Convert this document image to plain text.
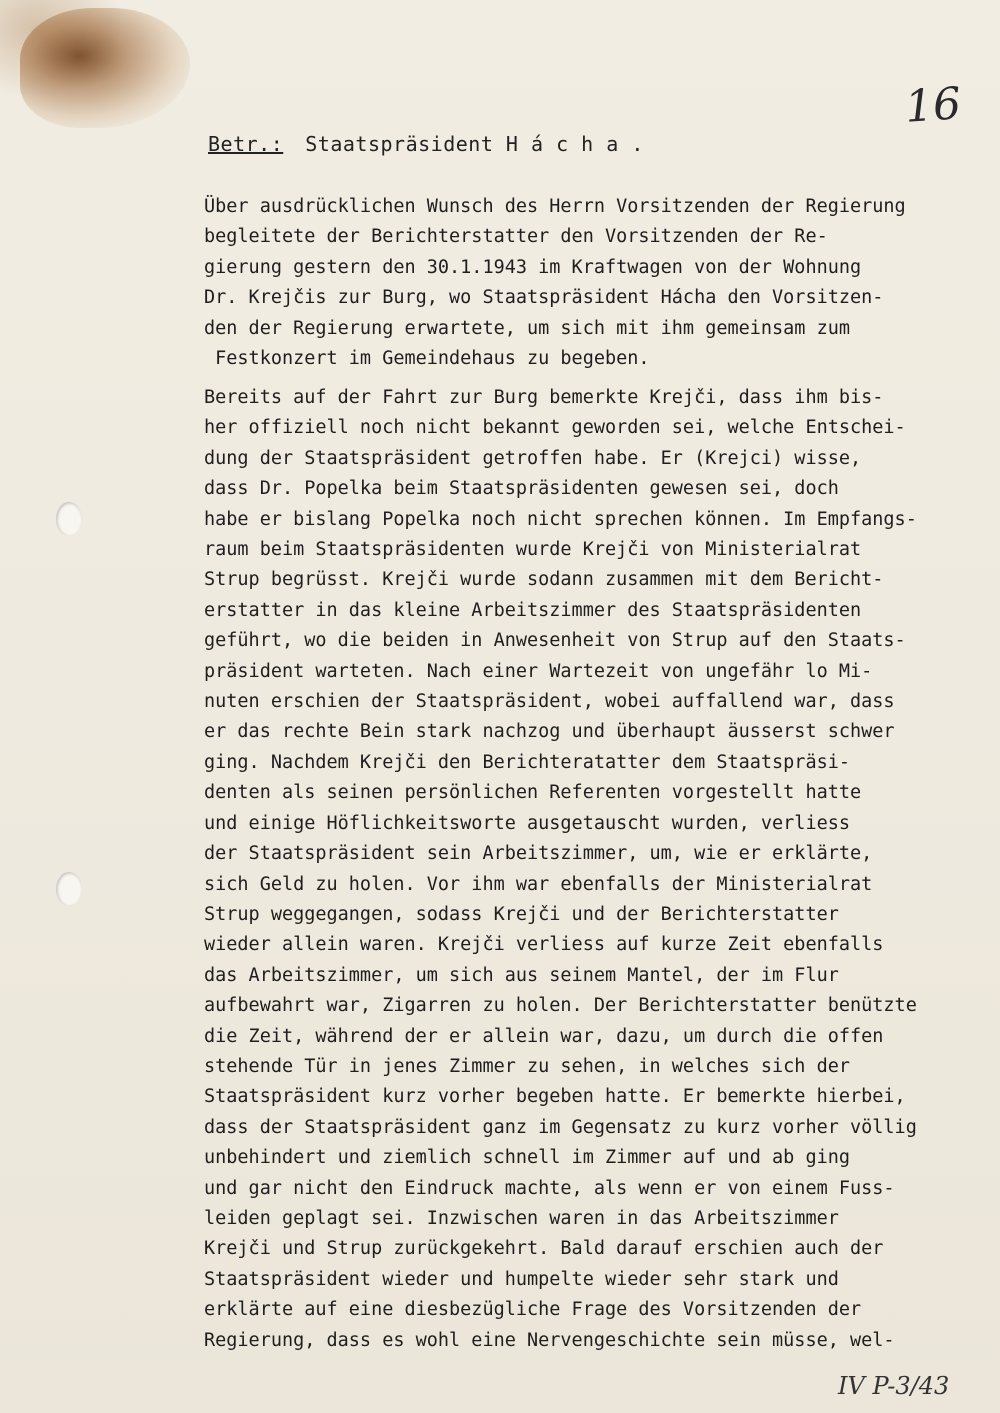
16
Betr.: Staatspräsident H á c h a .
Über ausdrücklichen Wunsch des Herrn Vorsitzenden der Regierung
begleitete der Berichterstatter den Vorsitzenden der Re-
gierung gestern den 30.1.1943 im Kraftwagen von der Wohnung
Dr. Krejčis zur Burg, wo Staatspräsident Hácha den Vorsitzen-
den der Regierung erwartete, um sich mit ihm gemeinsam zum
Festkonzert im Gemeindehaus zu begeben.
Bereits auf der Fahrt zur Burg bemerkte Krejči, dass ihm bis-
her offiziell noch nicht bekannt geworden sei, welche Entschei-
dung der Staatspräsident getroffen habe. Er (Krejci) wisse,
dass Dr. Popelka beim Staatspräsidenten gewesen sei, doch
habe er bislang Popelka noch nicht sprechen können. Im Empfangs-
raum beim Staatspräsidenten wurde Krejči von Ministerialrat
Strup begrüsst. Krejči wurde sodann zusammen mit dem Bericht-
erstatter in das kleine Arbeitszimmer des Staatspräsidenten
geführt, wo die beiden in Anwesenheit von Strup auf den Staats-
präsident warteten. Nach einer Wartezeit von ungefähr lo Mi-
nuten erschien der Staatspräsident, wobei auffallend war, dass
er das rechte Bein stark nachzog und überhaupt äusserst schwer
ging. Nachdem Krejči den Berichteratatter dem Staatspräsi-
denten als seinen persönlichen Referenten vorgestellt hatte
und einige Höflichkeitsworte ausgetauscht wurden, verliess
der Staatspräsident sein Arbeitszimmer, um, wie er erklärte,
sich Geld zu holen. Vor ihm war ebenfalls der Ministerialrat
Strup weggegangen, sodass Krejči und der Berichterstatter
wieder allein waren. Krejči verliess auf kurze Zeit ebenfalls
das Arbeitszimmer, um sich aus seinem Mantel, der im Flur
aufbewahrt war, Zigarren zu holen. Der Berichterstatter benützte
die Zeit, während der er allein war, dazu, um durch die offen
stehende Tür in jenes Zimmer zu sehen, in welches sich der
Staatspräsident kurz vorher begeben hatte. Er bemerkte hierbei,
dass der Staatspräsident ganz im Gegensatz zu kurz vorher völlig
unbehindert und ziemlich schnell im Zimmer auf und ab ging
und gar nicht den Eindruck machte, als wenn er von einem Fuss-
leiden geplagt sei. Inzwischen waren in das Arbeitszimmer
Krejči und Strup zurückgekehrt. Bald darauf erschien auch der
Staatspräsident wieder und humpelte wieder sehr stark und
erklärte auf eine diesbezügliche Frage des Vorsitzenden der
Regierung, dass es wohl eine Nervengeschichte sein müsse, wel-
IV P-3/43
